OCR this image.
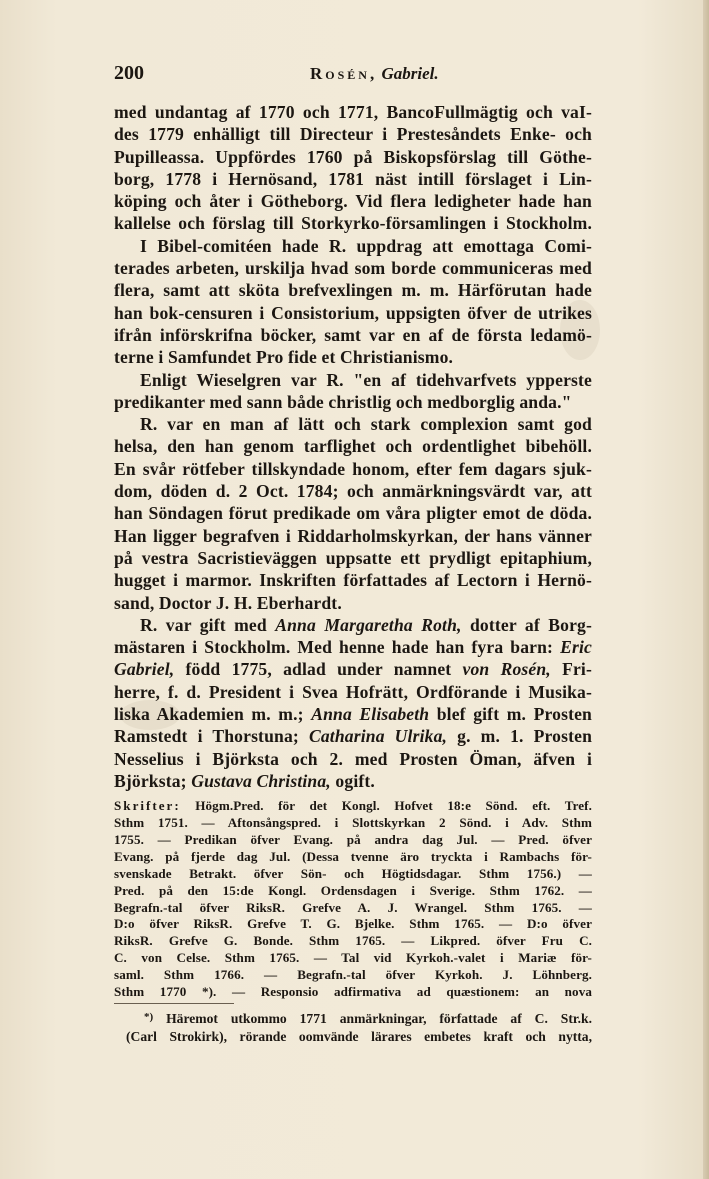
200	Rosén, Gabriel.
med undantag af 1770 och 1771, BancoFullmägtig och vaI-
des 1779 enhälligt till Directeur i Prestesåndets Enke- och
Pupilleassa. Uppfördes 1760 på Biskopsförslag till Göthe-
borg, 1778 i Hernösand, 1781 näst intill förslaget i Lin-
köping och åter i Götheborg. Vid flera ledigheter hade han
kallelse och förslag till Storkyrko-församlingen i Stockholm.
I Bibel-comitéen hade R. uppdrag att emottaga Comi-
terades arbeten, urskilja hvad som borde communiceras med
flera, samt att sköta brefvexlingen m. m. Härförutan hade
han bok-censuren i Consistorium, uppsigten öfver de utrikes
ifrån införskrifna böcker, samt var en af de första ledamö-
terne i Samfundet Pro fide et Christianismo.
Enligt Wieselgren var R. "en af tidehvarfvets ypperste
predikanter med sann både christlig och medborglig anda."
R. var en man af lätt och stark complexion samt god
helsa, den han genom tarflighet och ordentlighet bibehöll.
En svår rötfeber tillskyndade honom, efter fem dagars sjuk-
dom, döden d. 2 Oct. 1784; och anmärkningsvärdt var, att
han Söndagen förut predikade om våra pligter emot de döda.
Han ligger begrafven i Riddarholmskyrkan, der hans vänner
på vestra Sacristieväggen uppsatte ett prydligt epitaphium,
hugget i marmor. Inskriften författades af Lectorn i Hernö-
sand, Doctor J. H. Eberhardt.
R. var gift med Anna Margaretha Roth, dotter af Borg-
mästaren i Stockholm. Med henne hade han fyra barn: Eric
Gabriel, född 1775, adlad under namnet von Rosén, Fri-
herre, f. d. President i Svea Hofrätt, Ordförande i Musika-
liska Akademien m. m.; Anna Elisabeth blef gift m. Prosten
Ramstedt i Thorstuna; Catharina Ulrika, g. m. 1. Prosten
Nesselius i Björksta och 2. med Prosten Öman, äfven i
Björksta; Gustava Christina, ogift.
Skrifter: Högm.Pred. för det Kongl. Hofvet 18:e Sönd. eft. Tref.
Sthm 1751. — Aftonsångspred. i Slottskyrkan 2 Sönd. i Adv. Sthm
1755. — Predikan öfver Evang. på andra dag Jul. — Pred. öfver
Evang. på fjerde dag Jul. (Dessa tvenne äro tryckta i Rambachs för-
svenskade Betrakt. öfver Sön- och Högtidsdagar. Sthm 1756.) —
Pred. på den 15:de Kongl. Ordensdagen i Sverige. Sthm 1762. —
Begrafn.-tal öfver RiksR. Grefve A. J. Wrangel. Sthm 1765. —
D:o öfver RiksR. Grefve T. G. Bjelke. Sthm 1765. — D:o öfver
RiksR. Grefve G. Bonde. Sthm 1765. — Likpred. öfver Fru C.
C. von Celse. Sthm 1765. — Tal vid Kyrkoh.-valet i Mariæ för-
saml. Sthm 1766. — Begrafn.-tal öfver Kyrkoh. J. Löhnberg.
Sthm 1770 *). — Responsio adfirmativa ad quæstionem: an nova
*) Häremot utkommo 1771 anmärkningar, författade af C. Str.k.
(Carl Strokirk), rörande oomvände lärares embetes kraft och nytta,
